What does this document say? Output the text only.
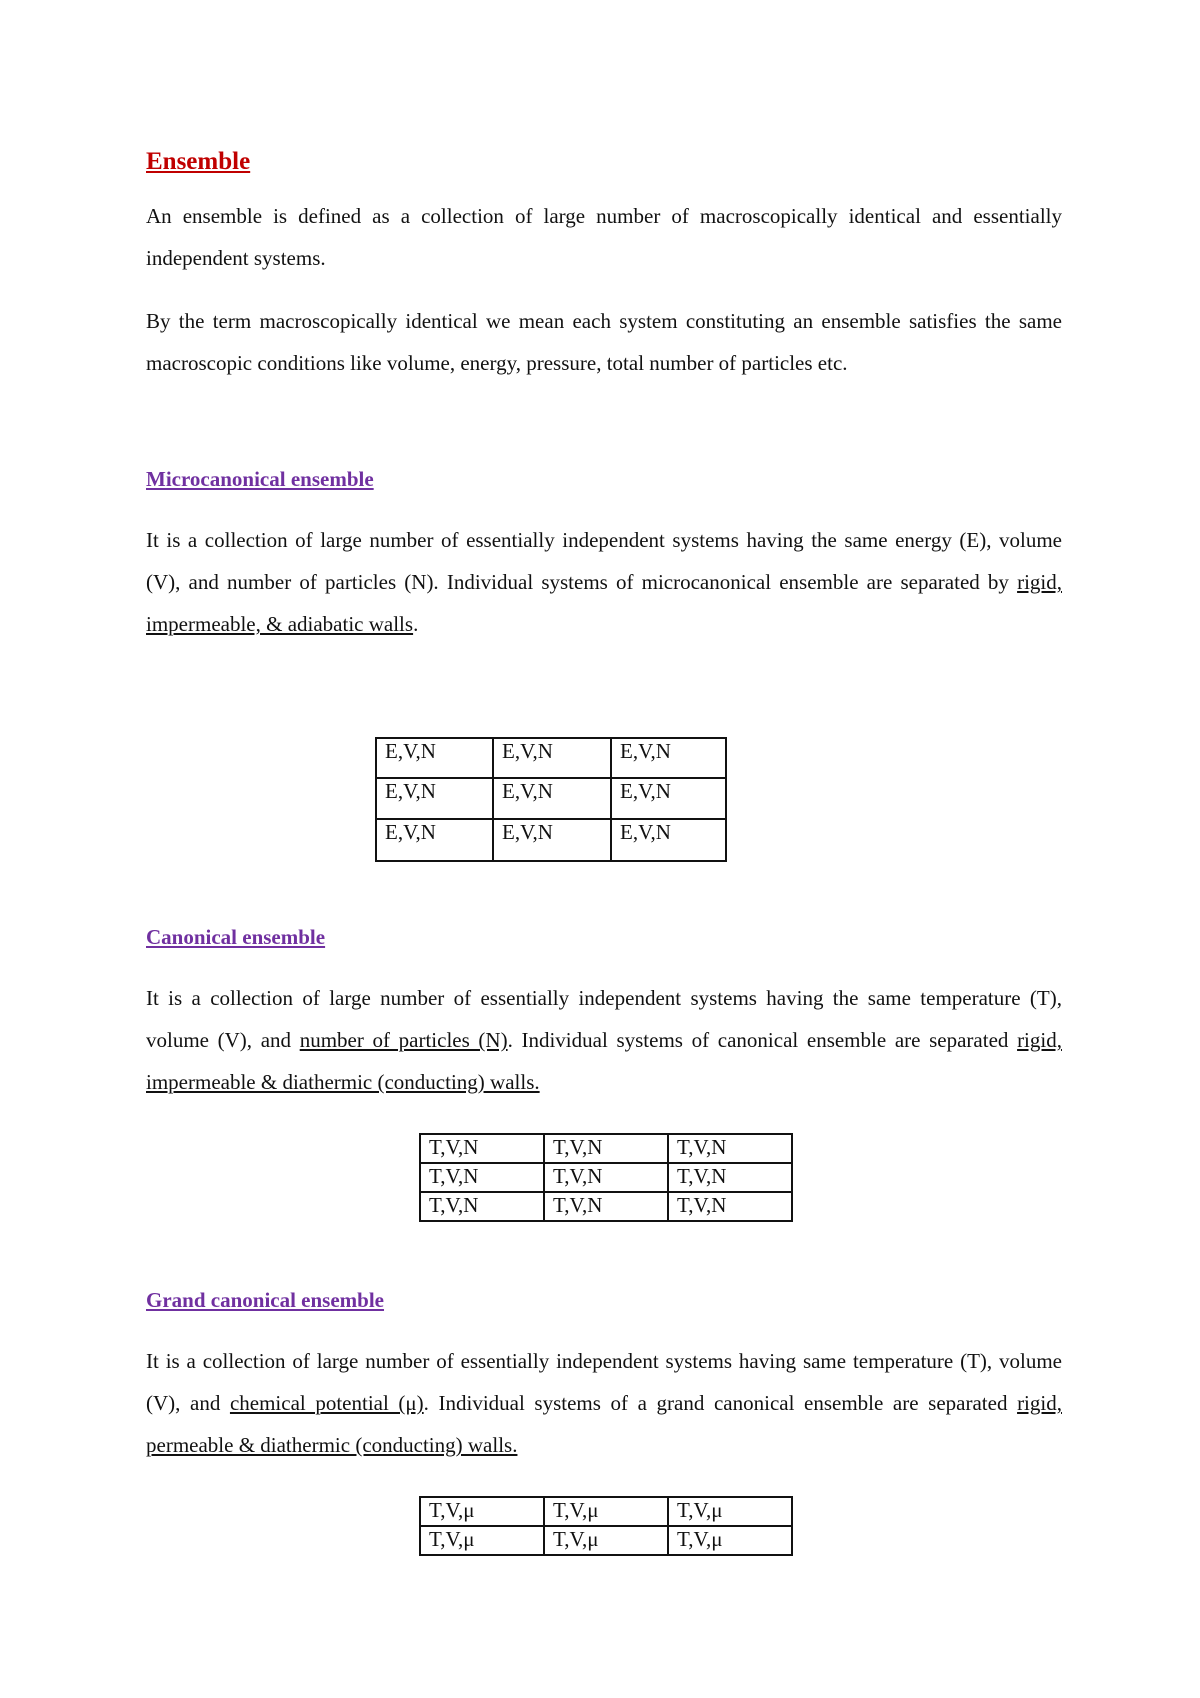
Ensemble

An ensemble is defined as a collection of large number of macroscopically identical and essentially independent systems.

By the term macroscopically identical we mean each system constituting an ensemble satisfies the same macroscopic conditions like volume, energy, pressure, total number of particles etc.

Microcanonical ensemble

It is a collection of large number of essentially independent systems having the same energy (E), volume (V), and number of particles (N). Individual systems of microcanonical ensemble are separated by rigid, impermeable, & adiabatic walls.

E,V,N	E,V,N	E,V,N
E,V,N	E,V,N	E,V,N
E,V,N	E,V,N	E,V,N
Canonical ensemble

It is a collection of large number of essentially independent systems having the same temperature (T), volume (V), and number of particles (N). Individual systems of canonical ensemble are separated rigid, impermeable & diathermic (conducting) walls.

T,V,N	T,V,N	T,V,N
T,V,N	T,V,N	T,V,N
T,V,N	T,V,N	T,V,N
Grand canonical ensemble

It is a collection of large number of essentially independent systems having same temperature (T), volume (V), and chemical potential (μ). Individual systems of a grand canonical ensemble are separated rigid, permeable & diathermic (conducting) walls.

T,V,μ	T,V,μ	T,V,μ
T,V,μ	T,V,μ	T,V,μ
